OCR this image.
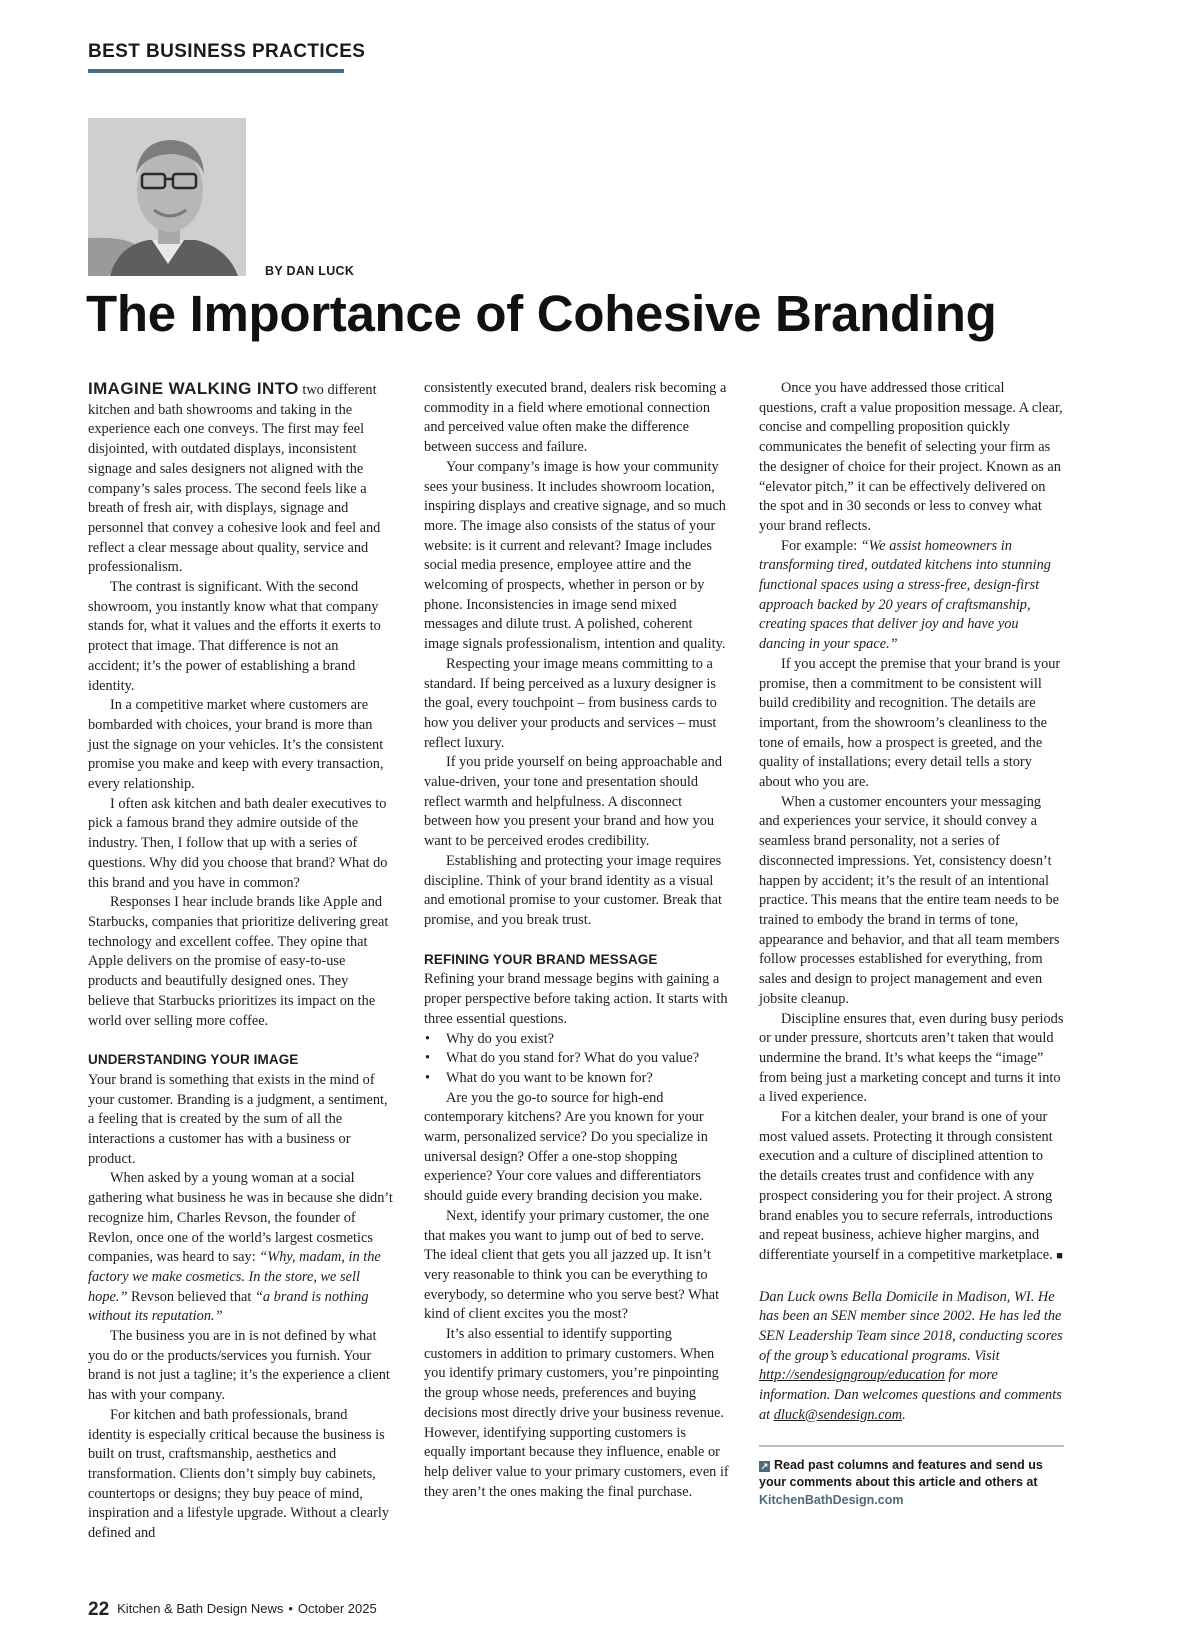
BEST BUSINESS PRACTICES
BY DAN LUCK
The Importance of Cohesive Branding

IMAGINE WALKING INTO two different kitchen and bath showrooms and taking in the experience each one conveys. The first may feel disjointed, with outdated displays, inconsistent signage and sales designers not aligned with the company’s sales process. The second feels like a breath of fresh air, with displays, signage and personnel that convey a cohesive look and feel and reflect a clear message about quality, service and professionalism.

The contrast is significant. With the second showroom, you instantly know what that company stands for, what it values and the efforts it exerts to protect that image. That difference is not an accident; it’s the power of establishing a brand identity.

In a competitive market where customers are bombarded with choices, your brand is more than just the signage on your vehicles. It’s the consistent promise you make and keep with every transaction, every relationship.

I often ask kitchen and bath dealer executives to pick a famous brand they admire outside of the industry. Then, I follow that up with a series of questions. Why did you choose that brand? What do this brand and you have in common?

Responses I hear include brands like Apple and Starbucks, companies that prioritize delivering great technology and excellent coffee. They opine that Apple delivers on the promise of easy-to-use products and beautifully designed ones. They believe that Starbucks prioritizes its impact on the world over selling more coffee.

UNDERSTANDING YOUR IMAGE

Your brand is something that exists in the mind of your customer. Branding is a judgment, a sentiment, a feeling that is created by the sum of all the interactions a customer has with a business or product.

When asked by a young woman at a social gathering what business he was in because she didn’t recognize him, Charles Revson, the founder of Revlon, once one of the world’s largest cosmetics companies, was heard to say: “Why, madam, in the factory we make cosmetics. In the store, we sell hope.” Revson believed that “a brand is nothing without its reputation.”

The business you are in is not defined by what you do or the products/services you furnish. Your brand is not just a tagline; it’s the experience a client has with your company.

For kitchen and bath professionals, brand identity is especially critical because the business is built on trust, craftsmanship, aesthetics and transformation. Clients don’t simply buy cabinets, countertops or designs; they buy peace of mind, inspiration and a lifestyle upgrade. Without a clearly defined and

consistently executed brand, dealers risk becoming a commodity in a field where emotional connection and perceived value often make the difference between success and failure.

Your company’s image is how your community sees your business. It includes showroom location, inspiring displays and creative signage, and so much more. The image also consists of the status of your website: is it current and relevant? Image includes social media presence, employee attire and the welcoming of prospects, whether in person or by phone. Inconsistencies in image send mixed messages and dilute trust. A polished, coherent image signals professionalism, intention and quality.

Respecting your image means committing to a standard. If being perceived as a luxury designer is the goal, every touchpoint – from business cards to how you deliver your products and services – must reflect luxury.

If you pride yourself on being approachable and value-driven, your tone and presentation should reflect warmth and helpfulness. A disconnect between how you present your brand and how you want to be perceived erodes credibility.

Establishing and protecting your image requires discipline. Think of your brand identity as a visual and emotional promise to your customer. Break that promise, and you break trust.

REFINING YOUR BRAND MESSAGE

Refining your brand message begins with gaining a proper perspective before taking action. It starts with three essential questions.

• Why do you exist?
• What do you stand for? What do you value?
• What do you want to be known for?

Are you the go-to source for high-end contemporary kitchens? Are you known for your warm, personalized service? Do you specialize in universal design? Offer a one-stop shopping experience? Your core values and differentiators should guide every branding decision you make.

Next, identify your primary customer, the one that makes you want to jump out of bed to serve. The ideal client that gets you all jazzed up. It isn’t very reasonable to think you can be everything to everybody, so determine who you serve best? What kind of client excites you the most?

It’s also essential to identify supporting customers in addition to primary customers. When you identify primary customers, you’re pinpointing the group whose needs, preferences and buying decisions most directly drive your business revenue. However, identifying supporting customers is equally important because they influence, enable or help deliver value to your primary customers, even if they aren’t the ones making the final purchase.

Once you have addressed those critical questions, craft a value proposition message. A clear, concise and compelling proposition quickly communicates the benefit of selecting your firm as the designer of choice for their project. Known as an “elevator pitch,” it can be effectively delivered on the spot and in 30 seconds or less to convey what your brand reflects.

For example: “We assist homeowners in transforming tired, outdated kitchens into stunning functional spaces using a stress-free, design-first approach backed by 20 years of craftsmanship, creating spaces that deliver joy and have you dancing in your space.”

If you accept the premise that your brand is your promise, then a commitment to be consistent will build credibility and recognition. The details are important, from the showroom’s cleanliness to the tone of emails, how a prospect is greeted, and the quality of installations; every detail tells a story about who you are.

When a customer encounters your messaging and experiences your service, it should convey a seamless brand personality, not a series of disconnected impressions. Yet, consistency doesn’t happen by accident; it’s the result of an intentional practice. This means that the entire team needs to be trained to embody the brand in terms of tone, appearance and behavior, and that all team members follow processes established for everything, from sales and design to project management and even jobsite cleanup.

Discipline ensures that, even during busy periods or under pressure, shortcuts aren’t taken that would undermine the brand. It’s what keeps the “image” from being just a marketing concept and turns it into a lived experience.

For a kitchen dealer, your brand is one of your most valued assets. Protecting it through consistent execution and a culture of disciplined attention to the details creates trust and confidence with any prospect considering you for their project. A strong brand enables you to secure referrals, introductions and repeat business, achieve higher margins, and differentiate yourself in a competitive marketplace. ■

Dan Luck owns Bella Domicile in Madison, WI. He has been an SEN member since 2002. He has led the SEN Leadership Team since 2018, conducting scores of the group’s educational programs. Visit http://sendesigngroup/education for more information. Dan welcomes questions and comments at dluck@sendesign.com.

↗ Read past columns and features and send us your comments about this article and others at KitchenBathDesign.com
22 Kitchen & Bath Design News • October 2025
